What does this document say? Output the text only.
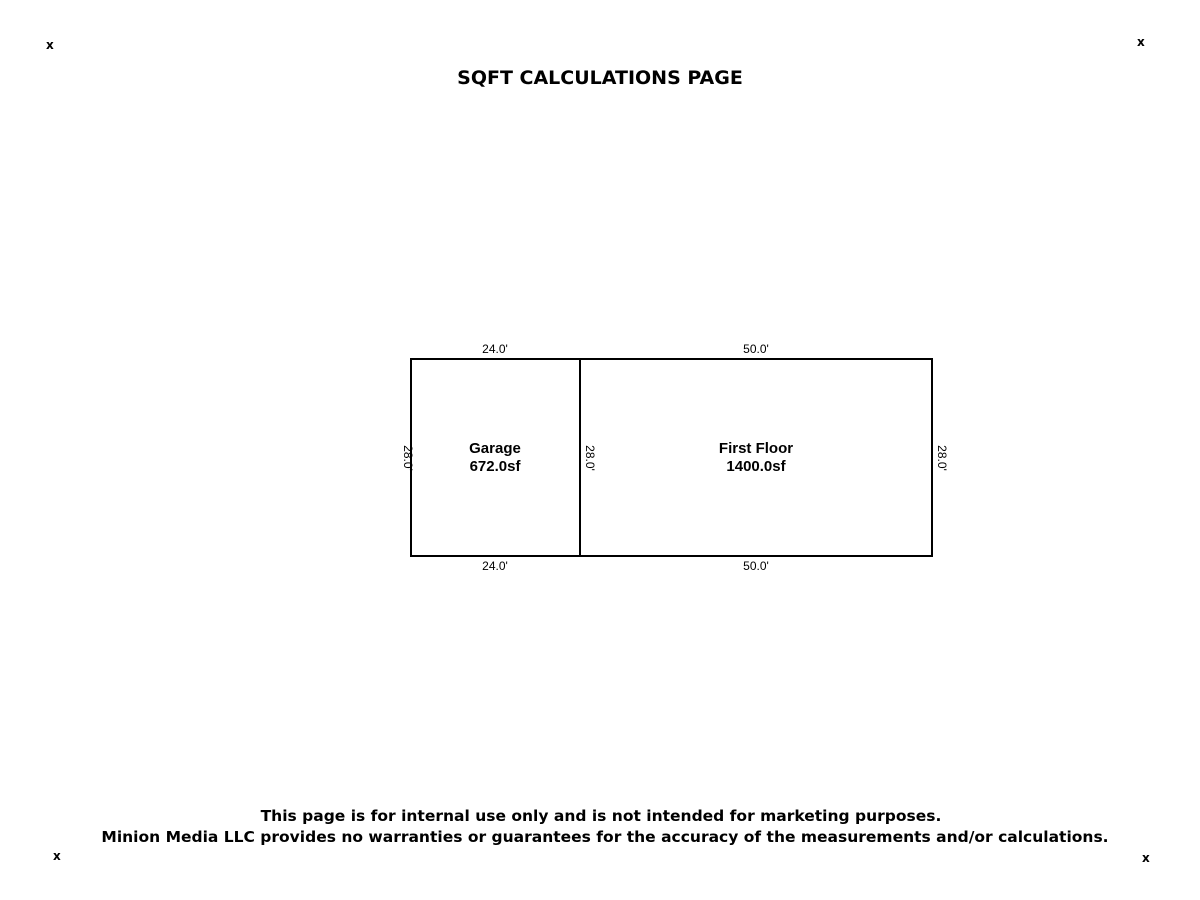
x	x
x	x
SQFT CALCULATIONS PAGE
24.0'
24.0'
28.0'	28.0'
Garage
672.0sf
50.0'
50.0'
28.0'
First Floor
1400.0sf
This page is for internal use only and is not intended for marketing purposes.
Minion Media LLC provides no warranties or guarantees for the accuracy of the measurements and/or calculations.
